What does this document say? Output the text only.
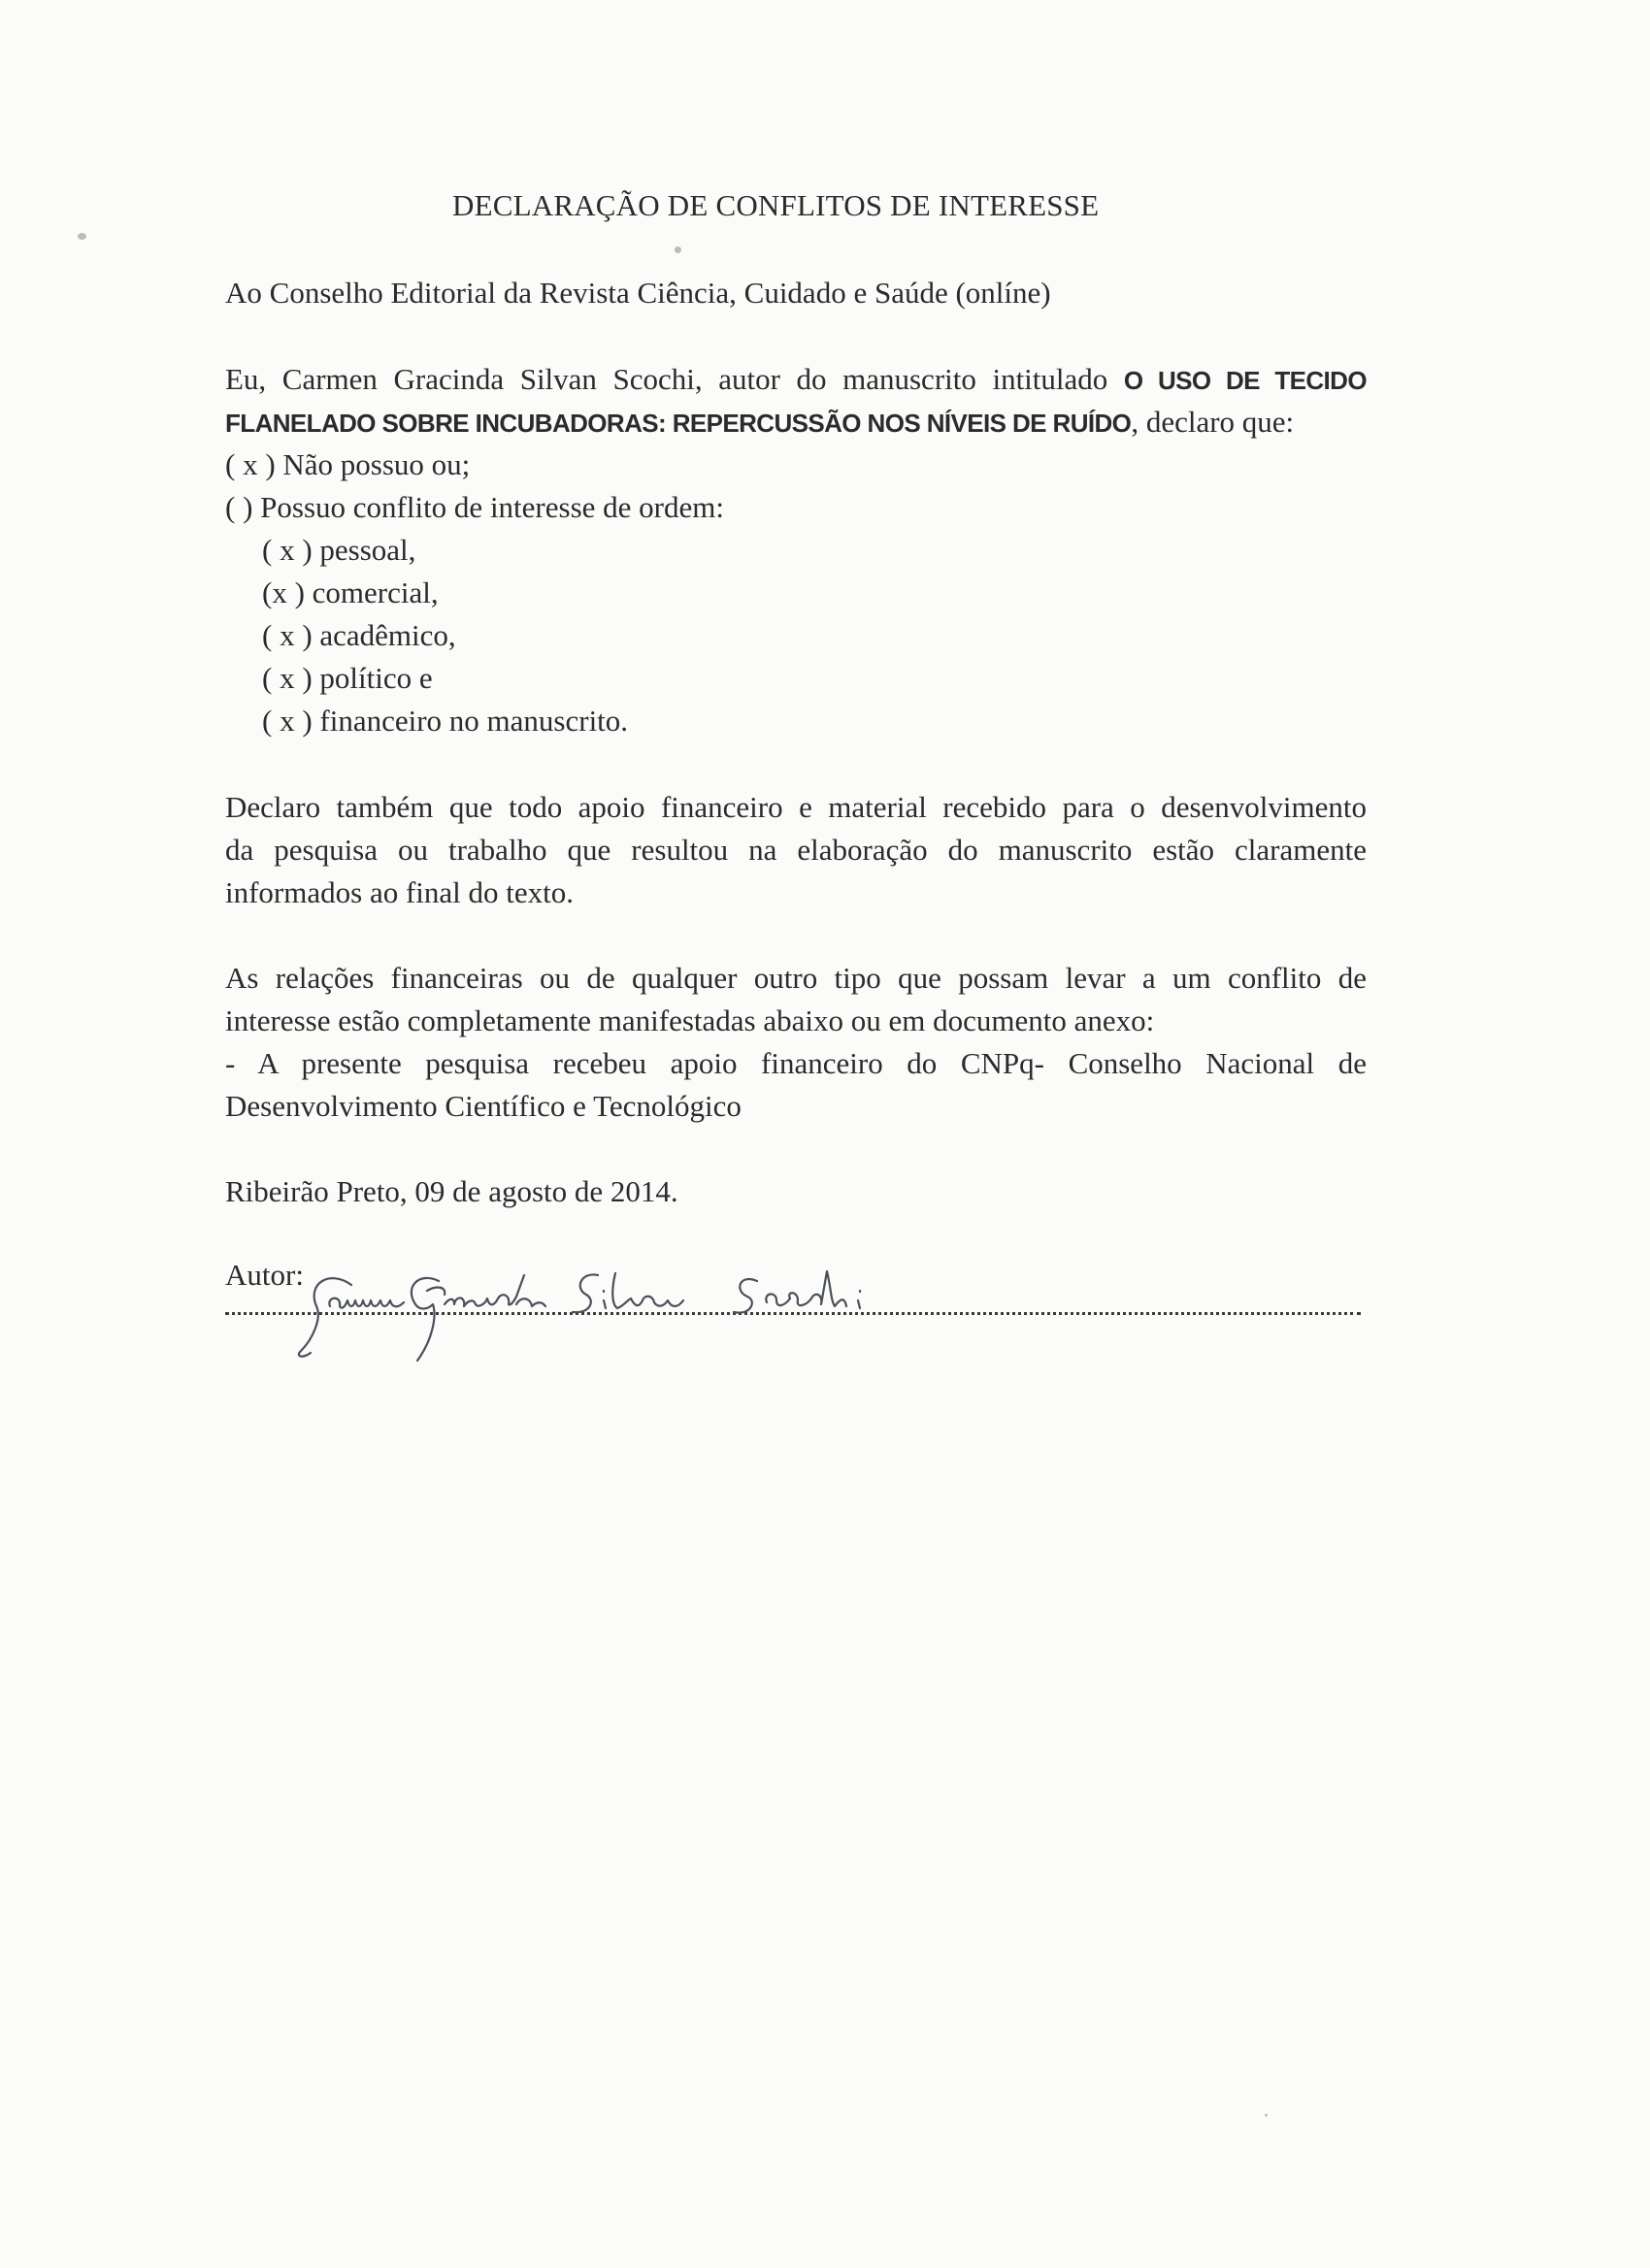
DECLARAÇÃO DE CONFLITOS DE INTERESSE
Ao Conselho Editorial da Revista Ciência, Cuidado e Saúde (onlíne)
Eu, Carmen Gracinda Silvan Scochi, autor do manuscrito intitulado O USO DE TECIDO
FLANELADO SOBRE INCUBADORAS: REPERCUSSÃO NOS NÍVEIS DE RUÍDO, declaro que:
( x ) Não possuo ou;
( ) Possuo conflito de interesse de ordem:
( x ) pessoal,
(x ) comercial,
( x ) acadêmico,
( x ) político e
( x ) financeiro no manuscrito.
Declaro também que todo apoio financeiro e material recebido para o desenvolvimento
da pesquisa ou trabalho que resultou na elaboração do manuscrito estão claramente
informados ao final do texto.
As relações financeiras ou de qualquer outro tipo que possam levar a um conflito de
interesse estão completamente manifestadas abaixo ou em documento anexo:
- A presente pesquisa recebeu apoio financeiro do CNPq- Conselho Nacional de
Desenvolvimento Científico e Tecnológico
Ribeirão Preto, 09 de agosto de 2014.
Autor:
